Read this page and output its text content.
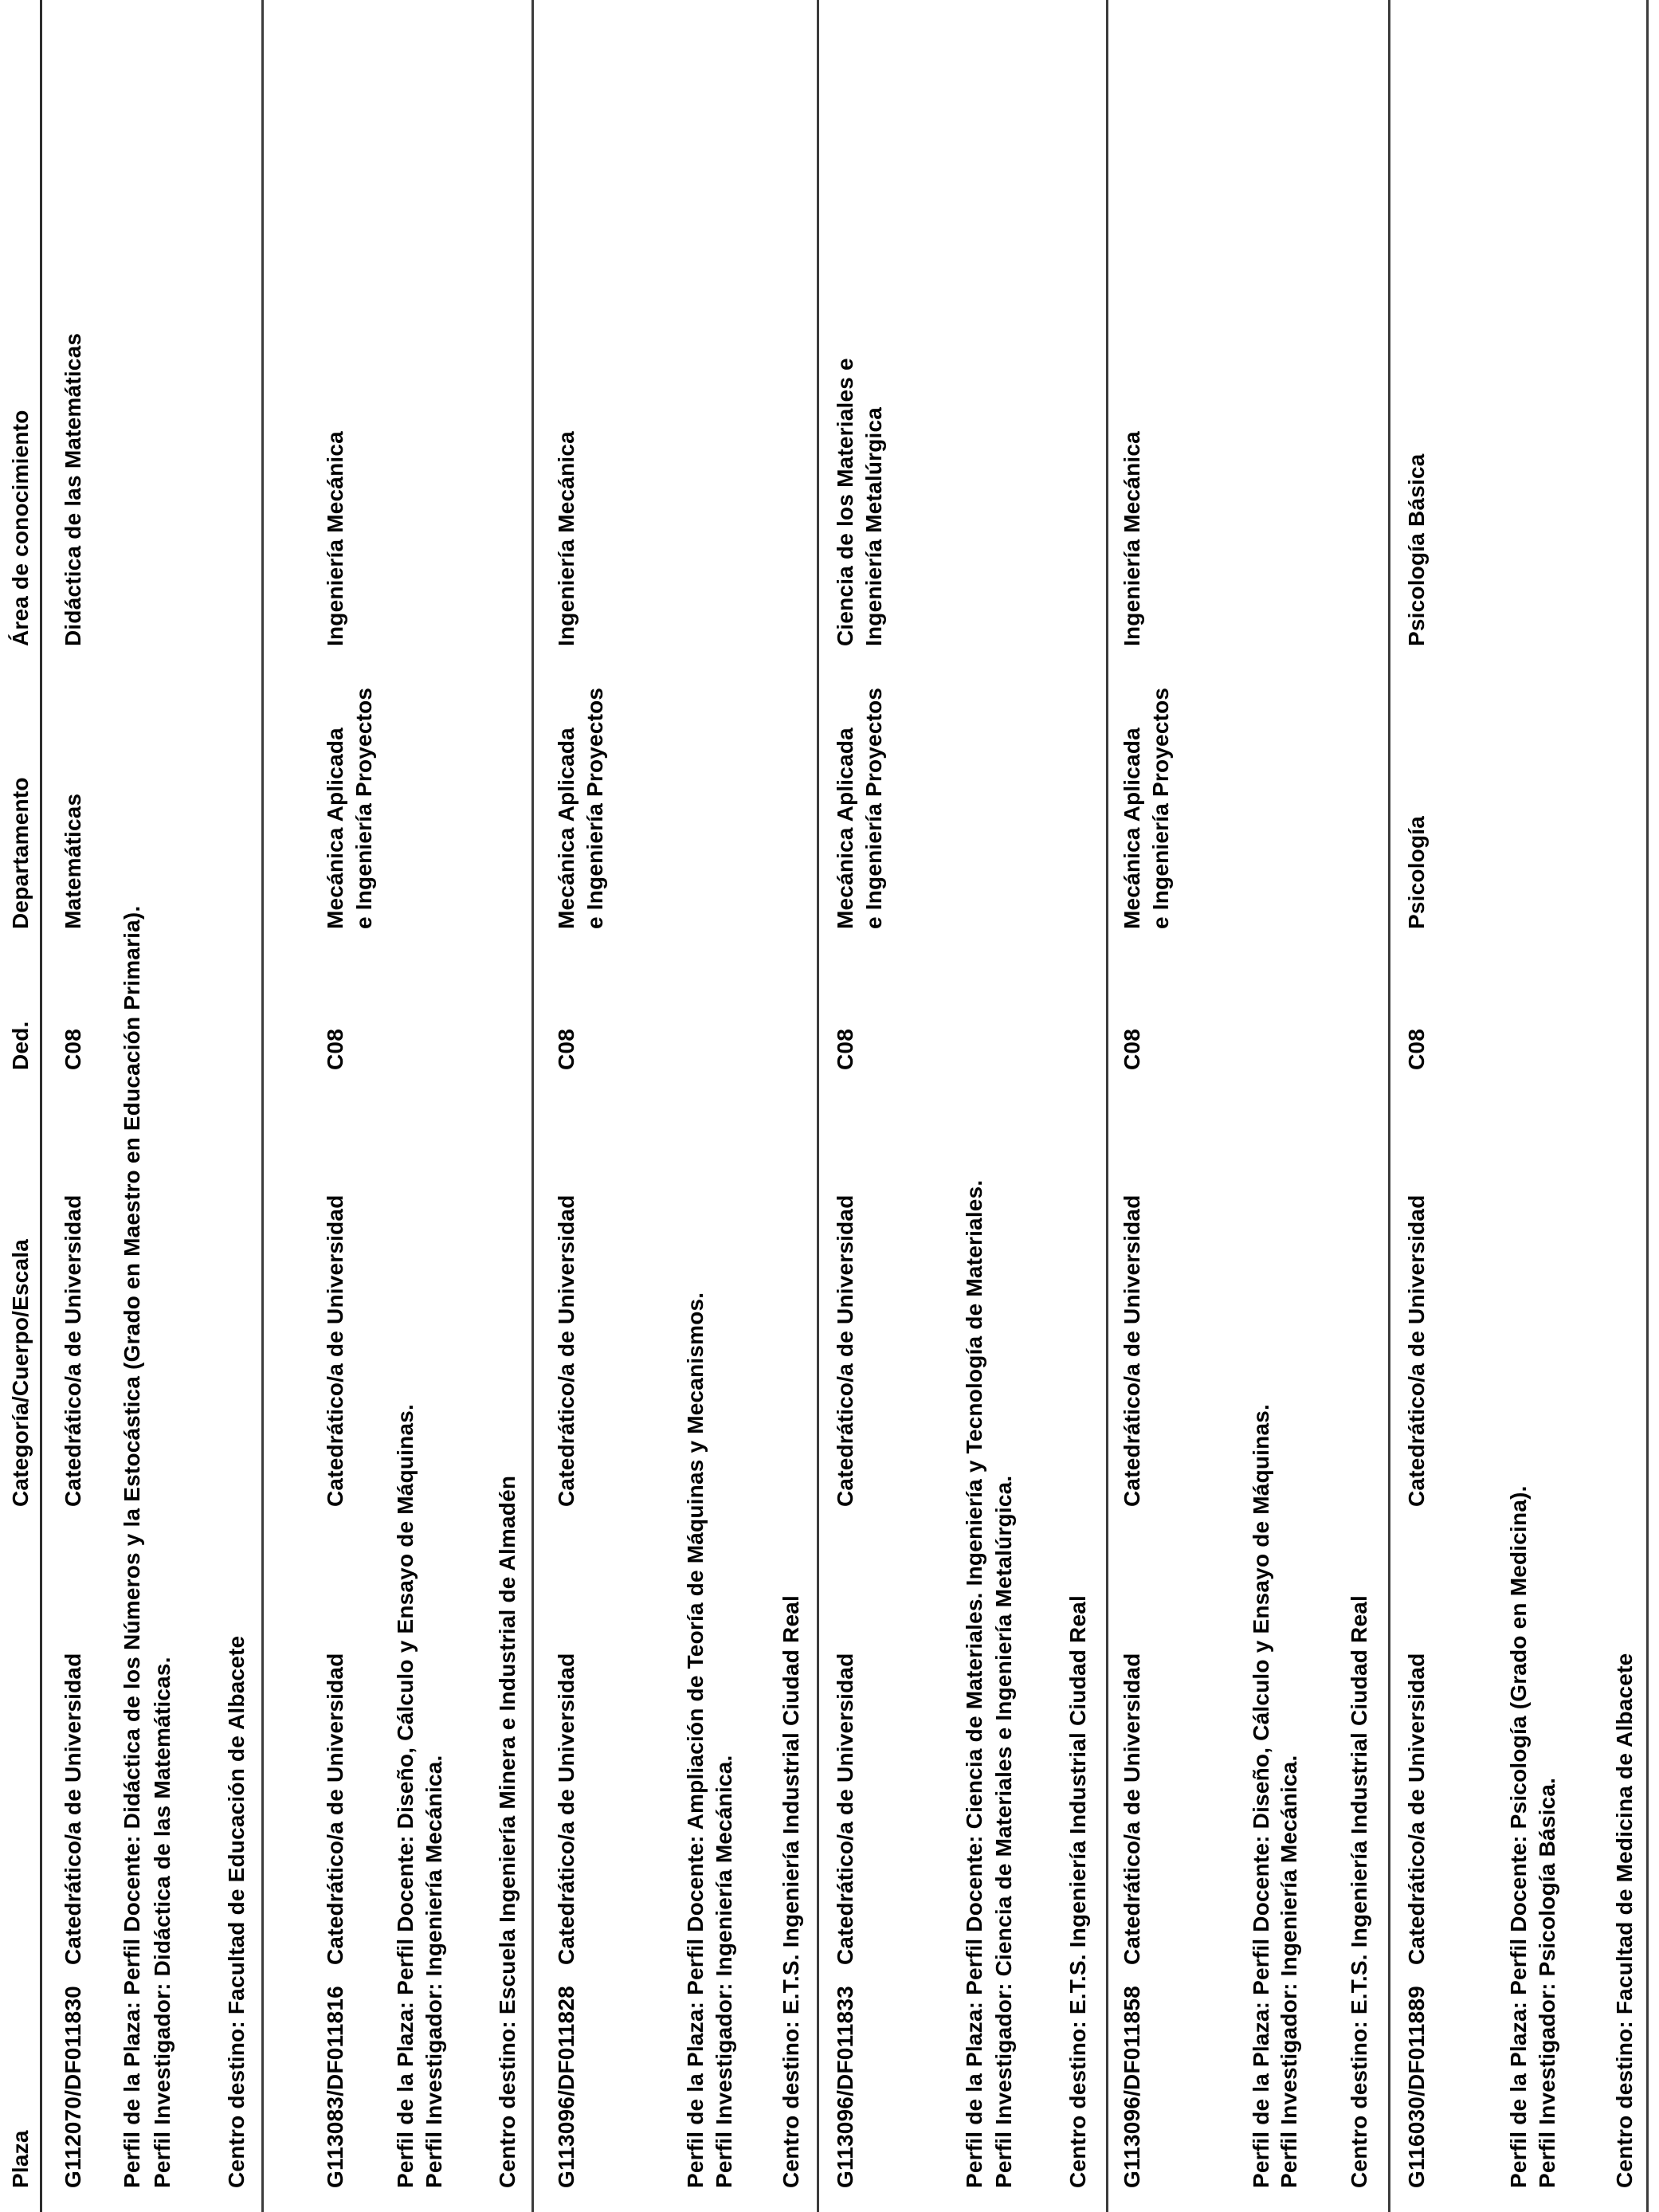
Plaza
Categoría/Cuerpo/Escala
Ded.
Departamento
Área de conocimiento
G112070/DF011830
Catedrático/a de Universidad
Catedrático/a de Universidad
C08
Matemáticas
Didáctica de las Matemáticas
Perfil de la Plaza: Perfil Docente: Didáctica de los Números y la Estocástica (Grado en Maestro en Educación Primaria). Perfil Investigador: Didáctica de las Matemáticas. Centro destino: Facultad de Educación de Albacete	G113083/DF011816
Catedrático/a de Universidad
Catedrático/a de Universidad
C08
Mecánica Aplicada e Ingeniería Proyectos
Ingeniería Mecánica
Perfil de la Plaza: Perfil Docente: Diseño, Cálculo y Ensayo de Máquinas. Perfil Investigador: Ingeniería Mecánica. Centro destino: Escuela Ingeniería Minera e Industrial de Almadén G113096/DF011828
Catedrático/a de Universidad
Catedrático/a de Universidad
C08
Mecánica Aplicada e Ingeniería Proyectos
Ingeniería Mecánica
Perfil de la Plaza: Perfil Docente: Ampliación de Teoría de Máquinas y Mecanismos. Perfil Investigador: Ingeniería Mecánica. Centro destino: E.T.S. Ingeniería Industrial Ciudad Real G113096/DF011833
Catedrático/a de Universidad
Catedrático/a de Universidad
C08
Mecánica Aplicada e Ingeniería Proyectos
Ciencia de los Materiales e Ingeniería Metalúrgica
Perfil de la Plaza: Perfil Docente: Ciencia de Materiales. Ingeniería y Tecnología de Materiales. Perfil Investigador: Ciencia de Materiales e Ingeniería Metalúrgica. Centro destino: E.T.S. Ingeniería Industrial Ciudad Real G113096/DF011858
Catedrático/a de Universidad
Catedrático/a de Universidad
C08
Mecánica Aplicada e Ingeniería Proyectos
Ingeniería Mecánica
Perfil de la Plaza: Perfil Docente: Diseño, Cálculo y Ensayo de Máquinas. Perfil Investigador: Ingeniería Mecánica. Centro destino: E.T.S. Ingeniería Industrial Ciudad Real G116030/DF011889
Catedrático/a de Universidad
Catedrático/a de Universidad
C08
Psicología
Psicología Básica
Perfil de la Plaza: Perfil Docente: Psicología (Grado en Medicina). Perfil Investigador: Psicología Básica. Centro destino: Facultad de Medicina de Albacete
